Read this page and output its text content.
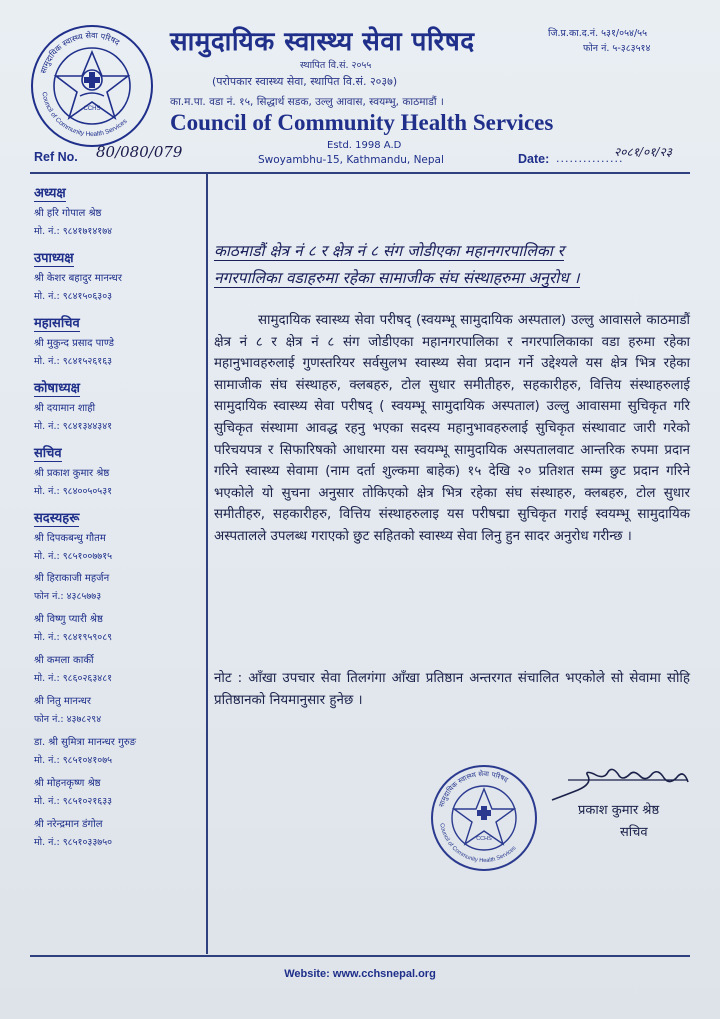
CCHS
सामुदायिक स्वास्थ्य सेवा परिषद
Council of Community Health Services
सामुदायिक स्वास्थ्य सेवा परिषद
स्थापित वि.सं. २०५५
(परोपकार स्वास्थ्य सेवा, स्थापित वि.सं. २०३७)
का.म.पा. वडा नं. १५, सिद्धार्थ सडक, उल्लु आवास, स्वयम्भु, काठमाडौं ।
Council of Community Health Services
Estd. 1998 A.D
Swoyambhu-15, Kathmandu, Nepal
जि.प्र.का.द.नं. ५३१/०५४/५५
फोन नं. ५-३८३५१४
Ref No. 80/080/079	Date: ...............
२०८१/०१/२३
अध्यक्ष
श्री हरि गोपाल श्रेष्ठ
मो. नं.: ९८४१७१४१७४
उपाध्यक्ष
श्री केशर बहादुर मानन्धर
मो. नं.: ९८४१५०६३०३
महासचिव
श्री मुकुन्द प्रसाद पाण्डे
मो. नं.: ९८४१५२६१६३
कोषाध्यक्ष
श्री दयामान शाही
मो. नं.: ९८४१३४४३४१
सचिव
श्री प्रकाश कुमार श्रेष्ठ
मो. नं.: ९८४००५०५३१
सदस्यहरू
श्री दिपकबन्धु गौतम
मो. नं.: ९८५१००७७१५
श्री हिराकाजी महर्जन
फोन नं.: ४३८५७७३
श्री विष्णु प्यारी श्रेष्ठ
मो. नं.: ९८४१९५९०८९
श्री कमला कार्की
मो. नं.: ९८६०२६३४८१
श्री नितु मानन्धर
फोन नं.: ४३७८२९४
डा. श्री सुमित्रा मानन्धर गुरुङ
मो. नं.: ९८५१०४१०७५
श्री मोहनकृष्ण श्रेष्ठ
मो. नं.: ९८५१०२१६३३
श्री नरेन्द्रमान डंगोल
मो. नं.: ९८५१०३३७५०
काठमाडौं क्षेत्र नं ८ र क्षेत्र नं ८ संग जोडीएका महानगरपालिका र
नगरपालिका वडाहरुमा रहेका सामाजीक संघ संस्थाहरुमा अनुरोध ।
सामुदायिक स्वास्थ्य सेवा परीषद् (स्वयम्भू सामुदायिक अस्पताल) उल्लु आवासले काठमाडौं क्षेत्र नं ८ र क्षेत्र नं ८ संग जोडीएका महानगरपालिका र नगरपालिकाका वडा हरुमा रहेका महानुभावहरुलाई गुणस्तरियर सर्वसुलभ स्वास्थ्य सेवा प्रदान गर्ने उद्देश्यले यस क्षेत्र भित्र रहेका सामाजीक संघ संस्थाहरु, क्लबहरु, टोल सुधार समीतीहरु, सहकारीहरु, वित्तिय संस्थाहरुलाई सामुदायिक स्वास्थ्य सेवा परीषद् ( स्वयम्भू सामुदायिक अस्पताल) उल्लु आवासमा सुचिकृत गरि सुचिकृत संस्थामा आवद्ध रहनु भएका सदस्य महानुभावहरुलाई सुचिकृत संस्थावाट जारी गरेको परिचयपत्र र सिफारिषको आधारमा यस स्वयम्भू सामुदायिक अस्पतालवाट आन्तरिक रुपमा प्रदान गरिने स्वास्थ्य सेवामा (नाम दर्ता शुल्कमा बाहेक) १५ देखि २० प्रतिशत सम्म छुट प्रदान गरिने भएकोले यो सुचना अनुसार तोकिएको क्षेत्र भित्र रहेका संघ संस्थाहरु, क्लबहरु, टोल सुधार समीतीहरु, सहकारीहरु, वित्तिय संस्थाहरुलाइ यस परीषद्मा सुचिकृत गराई स्वयम्भू सामुदायिक अस्पतालले उपलब्ध गराएको छुट सहितको स्वास्थ्य सेवा लिनु हुन सादर अनुरोध गरीन्छ ।
नोट : आँखा उपचार सेवा तिलगंगा आँखा प्रतिष्ठान अन्तरगत संचालित भएकोले सो सेवामा सोहि प्रतिष्ठानको नियमानुसार हुनेछ ।
CCHS
सामुदायिक स्वास्थ्य सेवा परिषद
Council of Community Health Services
प्रकाश कुमार श्रेष्ठ
सचिव
Website: www.cchsnepal.org
